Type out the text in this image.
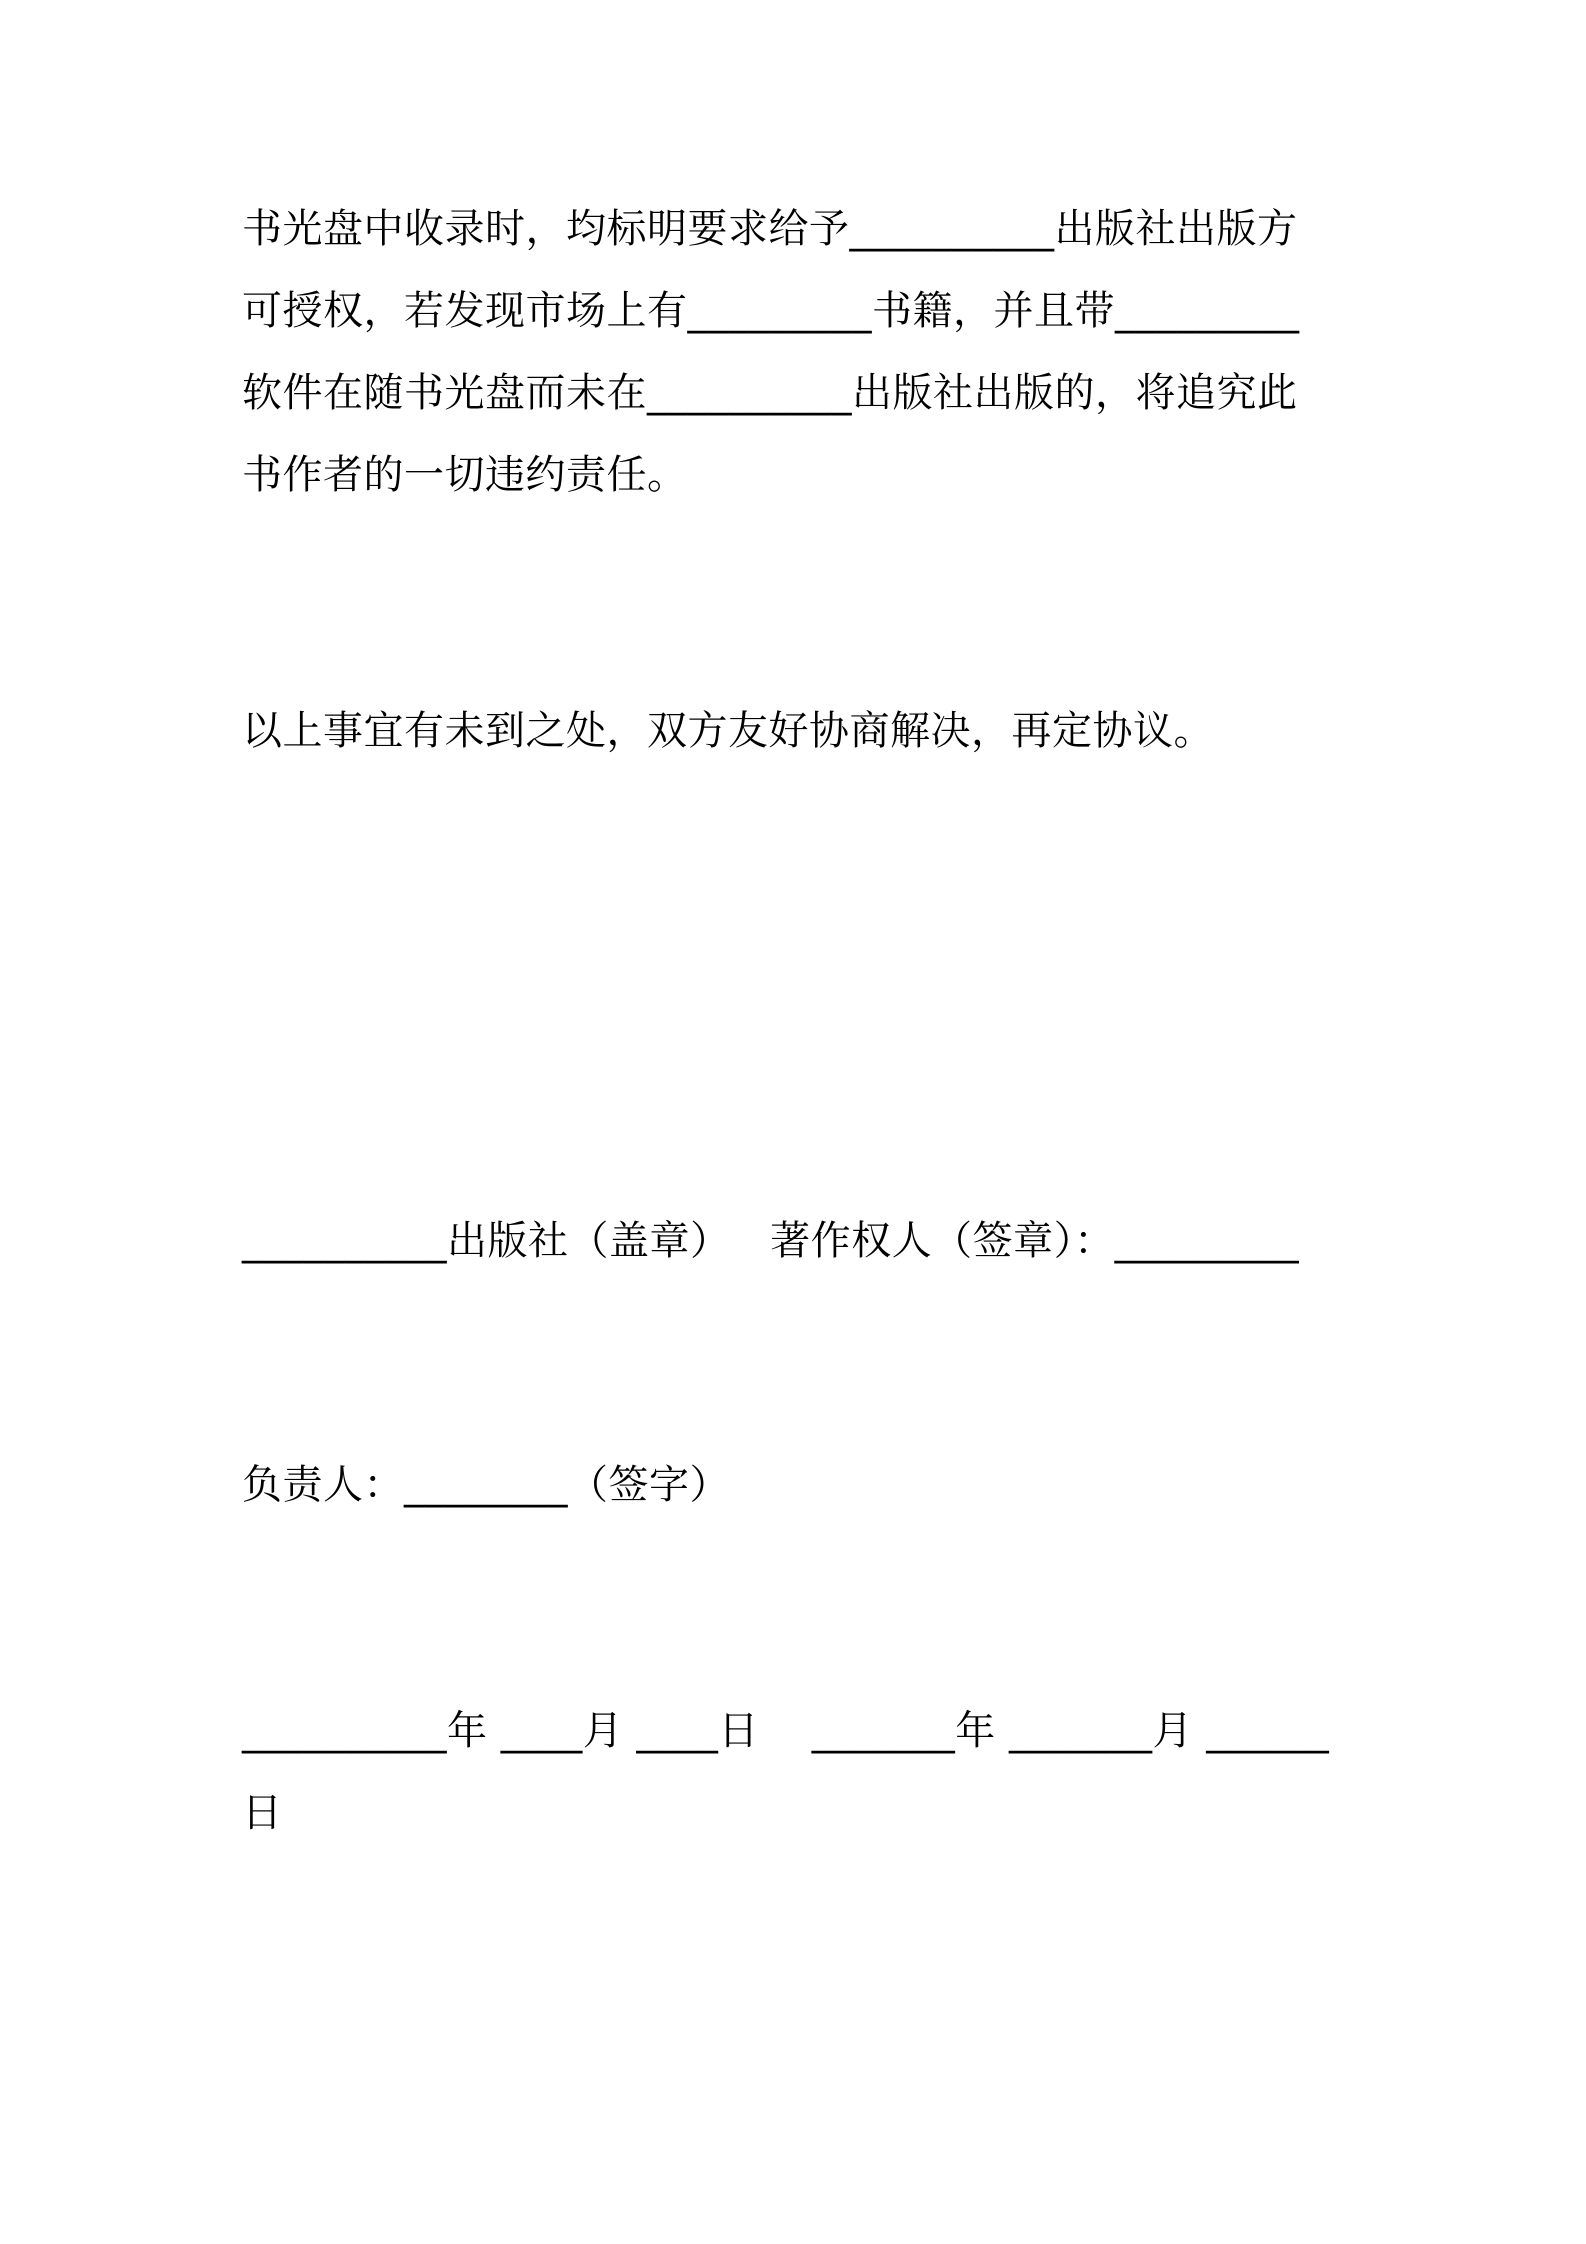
书光盘中收录时，均标明要求给予__________出版社出版方
可授权，若发现市场上有_________书籍，并且带_________
软件在随书光盘而未在__________出版社出版的，将追究此
书作者的一切违约责任。
以上事宜有未到之处，双方友好协商解决，再定协议。
__________出版社（盖章）   著作权人（签章）：_________
负责人：________（签字）
__________年 ____月 ____日    _______年 _______月 ______
日
